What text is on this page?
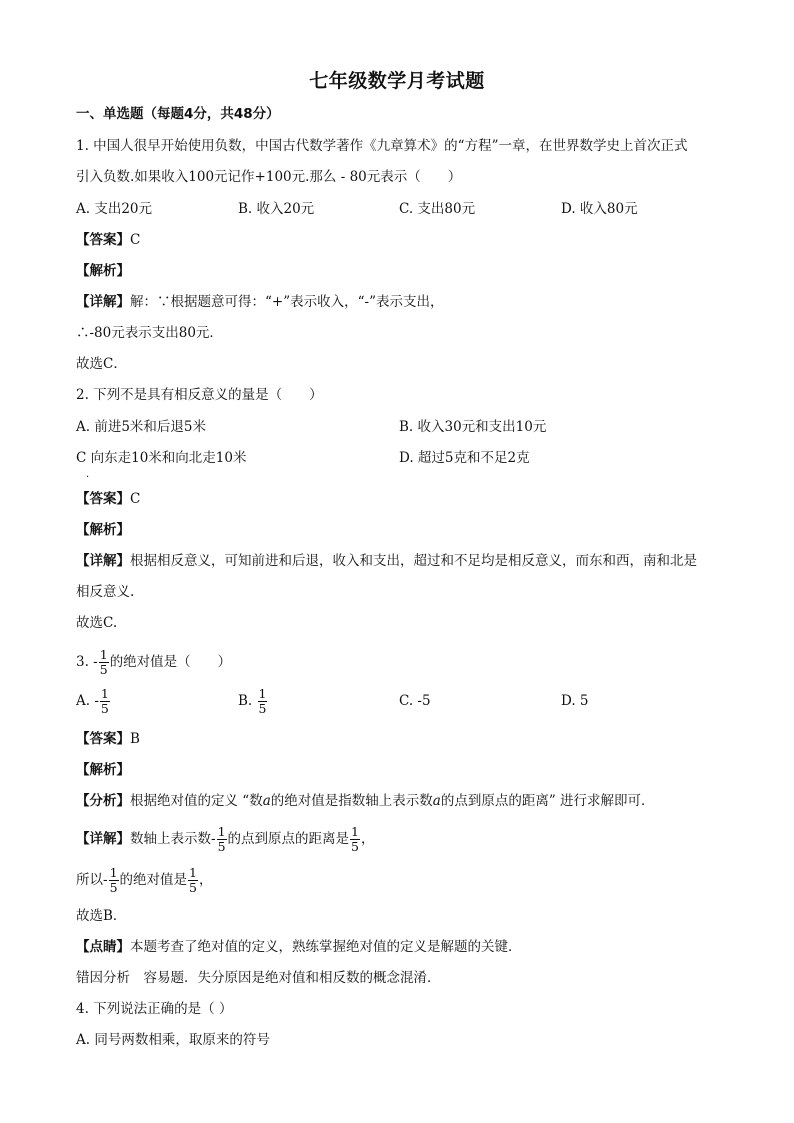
七年级数学月考试题
一、单选题（每题4分，共48分）
1. 中国人很早开始使用负数，中国古代数学著作《九章算术》的“方程”一章，在世界数学史上首次正式
引入负数.如果收入100元记作+100元.那么 - 80元表示（　　）
A. 支出20元	B. 收入20元	C. 支出80元	D. 收入80元
【答案】C
【解析】
【详解】解：∵根据题意可得：“+”表示收入，“-”表示支出，
∴-80元表示支出80元．
故选C．
2. 下列不是具有相反意义的量是（　　）
A. 前进5米和后退5米	B. 收入30元和支出10元
C 向东走10米和向北走10米	D. 超过5克和不足2克
·
【答案】C
【解析】
【详解】根据相反意义，可知前进和后退，收入和支出，超过和不足均是相反意义，而东和西，南和北是
相反意义.
故选C.
3. - $\frac{1}{5}$ 的绝对值是（　　）
A. - $\frac{1}{5}$	B. $\frac{1}{5}$	C. -5	D. 5
【答案】B
【解析】
【分析】根据绝对值的定义 “数a的绝对值是指数轴上表示数a的点到原点的距离” 进行求解即可．
【详解】数轴上表示数- $\frac{1}{5}$ 的点到原点的距离是 $\frac{1}{5}$ ，
所以- $\frac{1}{5}$ 的绝对值是 $\frac{1}{5}$ ，
故选B．
【点睛】本题考查了绝对值的定义，熟练掌握绝对值的定义是解题的关键．
错因分析　容易题．失分原因是绝对值和相反数的概念混淆．
4. 下列说法正确的是（ ）
A. 同号两数相乘，取原来的符号
